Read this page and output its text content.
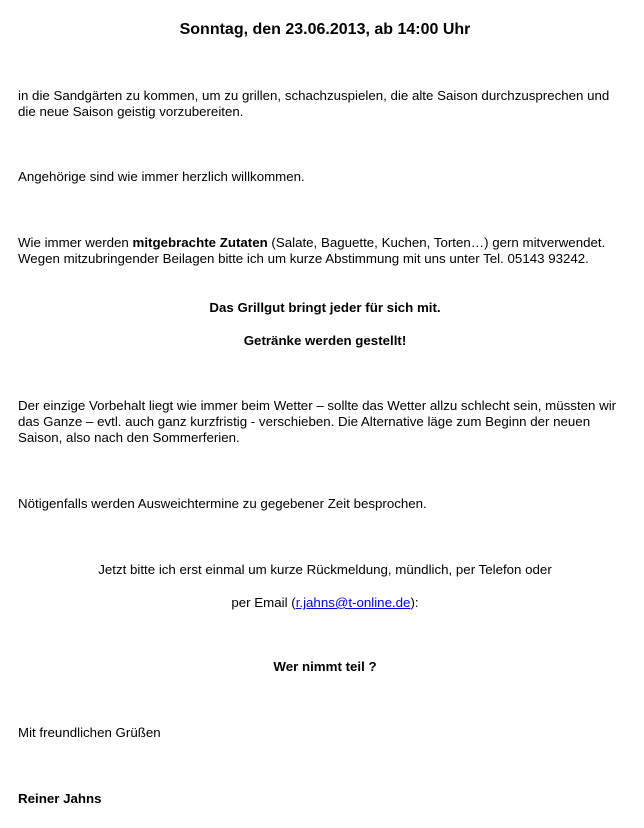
Sonntag, den 23.06.2013, ab 14:00 Uhr

in die Sandgärten zu kommen, um zu grillen, schachzuspielen, die alte Saison durchzusprechen und die neue Saison geistig vorzubereiten.

Angehörige sind wie immer herzlich willkommen.

Wie immer werden mitgebrachte Zutaten (Salate, Baguette, Kuchen, Torten…) gern mitverwendet. Wegen mitzubringender Beilagen bitte ich um kurze Abstimmung mit uns unter Tel. 05143 93242.

Das Grillgut bringt jeder für sich mit.

Getränke werden gestellt!

Der einzige Vorbehalt liegt wie immer beim Wetter – sollte das Wetter allzu schlecht sein, müssten wir das Ganze – evtl. auch ganz kurzfristig - verschieben. Die Alternative läge zum Beginn der neuen Saison, also nach den Sommerferien.

Nötigenfalls werden Ausweichtermine zu gegebener Zeit besprochen.

Jetzt bitte ich erst einmal um kurze Rückmeldung, mündlich, per Telefon oder

per Email (r.jahns@t-online.de):

Wer nimmt teil ?

Mit freundlichen Grüßen

Reiner Jahns
